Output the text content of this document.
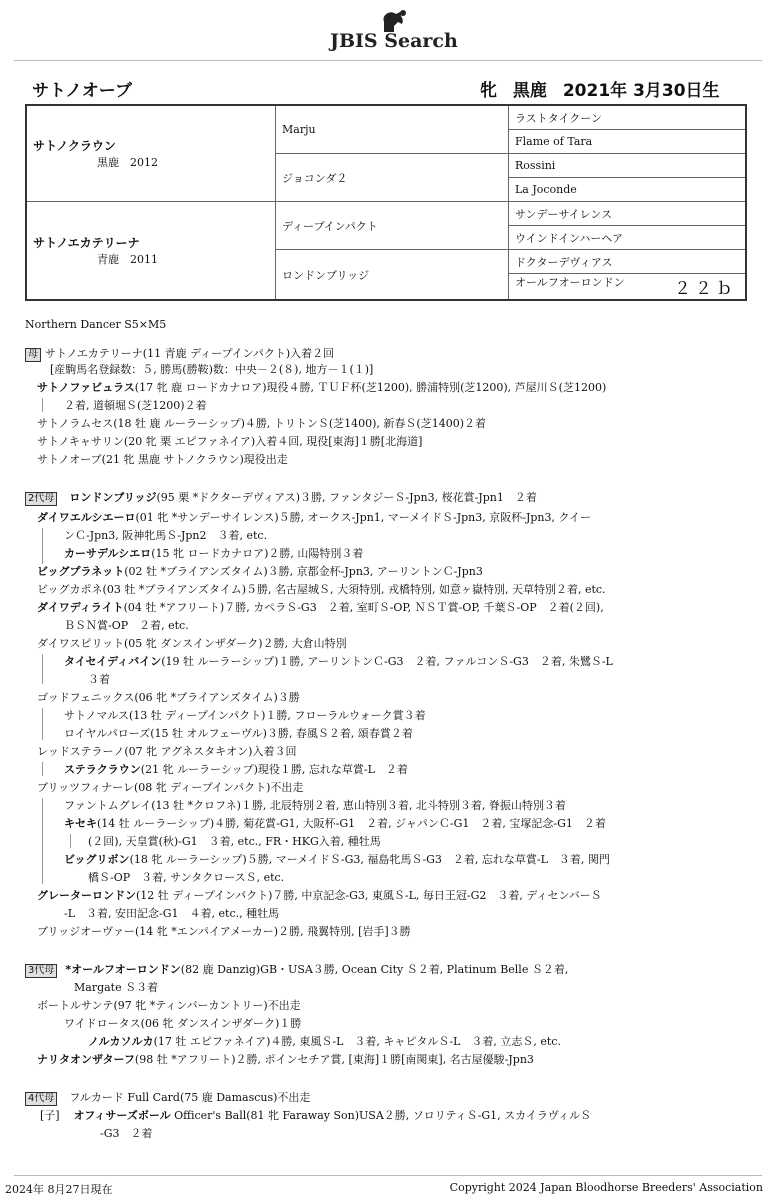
JBIS Search
サトノオーブ	牝 黒鹿 2021年 3月30日生
サトノクラウン
黒鹿　2012	Marju	ラストタイクーン
		Flame of Tara
	ジョコンダ２	Rossini
		La Joconde
サトノエカテリーナ
青鹿　2011	ディープインパクト	サンデーサイレンス
		ウインドインハーヘア
	ロンドンブリッジ	ドクターデヴィアス
		オールフオーロンドン ２２ｂ
Northern Dancer S5×M5
母 サトノエカテリーナ(11 青鹿 ディープインパクト)入着２回
[産駒馬名登録数：５, 勝馬(勝鞍)数：中央－２(８), 地方－１(１)]
サトノファビュラス(17 牝 鹿 ロードカナロア)現役４勝, ＴＵＦ杯(芝1200), 勝浦特別(芝1200), 芦屋川Ｓ(芝1200)
２着, 道頓堀Ｓ(芝1200)２着
サトノラムセス(18 牡 鹿 ルーラーシップ)４勝, トリトンＳ(芝1400), 新春Ｓ(芝1400)２着
サトノキャサリン(20 牝 栗 エピファネイア)入着４回, 現役[東海]１勝[北海道]
サトノオーブ(21 牝 黒鹿 サトノクラウン)現役出走
2代母 ロンドンブリッジ(95 栗 *ドクターデヴィアス)３勝, ファンタジーＳ-Jpn3, 桜花賞-Jpn1　２着
ダイワエルシエーロ(01 牝 *サンデーサイレンス)５勝, オークス-Jpn1, マーメイドＳ-Jpn3, 京阪杯-Jpn3, クイー
ンＣ-Jpn3, 阪神牝馬Ｓ-Jpn2　３着, etc.
カーサデルシエロ(15 牝 ロードカナロア)２勝, 山陽特別３着
ビッグプラネット(02 牡 *ブライアンズタイム)３勝, 京都金杯-Jpn3, アーリントンＣ-Jpn3
ビッグカポネ(03 牡 *ブライアンズタイム)５勝, 名古屋城Ｓ, 大須特別, 戎橋特別, 如意ヶ嶽特別, 天草特別２着, etc.
ダイワディライト(04 牡 *アフリート)７勝, カペラＳ-G3　２着, 室町Ｓ-OP, ＮＳＴ賞-OP, 千葉Ｓ-OP　２着(２回),
ＢＳＮ賞-OP　２着, etc.
ダイワスピリット(05 牝 ダンスインザダーク)２勝, 大倉山特別
タイセイディバイン(19 牡 ルーラーシップ)１勝, アーリントンＣ-G3　２着, ファルコンＳ-G3　２着, 朱鷺Ｓ-L
３着
ゴッドフェニックス(06 牝 *ブライアンズタイム)３勝
サトノマルス(13 牡 ディープインパクト)１勝, フローラルウォーク賞３着
ロイヤルパローズ(15 牡 オルフェーヴル)３勝, 春風Ｓ２着, 頌春賞２着
レッドステラーノ(07 牝 アグネスタキオン)入着３回
ステラクラウン(21 牝 ルーラーシップ)現役１勝, 忘れな草賞-L　２着
ブリッツフィナーレ(08 牝 ディープインパクト)不出走
ファントムグレイ(13 牡 *クロフネ)１勝, 北辰特別２着, 恵山特別３着, 北斗特別３着, 脊振山特別３着
キセキ(14 牡 ルーラーシップ)４勝, 菊花賞-G1, 大阪杯-G1　２着, ジャパンＣ-G1　２着, 宝塚記念-G1　２着
(２回), 天皇賞(秋)-G1　３着, etc., FR・HKG入着, 種牡馬
ビッグリボン(18 牝 ルーラーシップ)５勝, マーメイドＳ-G3, 福島牝馬Ｓ-G3　２着, 忘れな草賞-L　３着, 関門
橋Ｓ-OP　３着, サンタクロースＳ, etc.
グレーターロンドン(12 牡 ディープインパクト)７勝, 中京記念-G3, 東風Ｓ-L, 毎日王冠-G2　３着, ディセンバーＳ
-L　３着, 安田記念-G1　４着, etc., 種牡馬
ブリッジオーヴァー(14 牝 *エンパイアメーカー)２勝, 飛翼特別, [岩手]３勝
3代母 *オールフオーロンドン(82 鹿 Danzig)GB・USA３勝, Ocean City Ｓ２着, Platinum Belle Ｓ２着,
Margate Ｓ３着
ボートルサンテ(97 牝 *ティンバーカントリー)不出走
ワイドロータス(06 牝 ダンスインザダーク)１勝
ノルカソルカ(17 牡 エピファネイア)４勝, 東風Ｓ-L　３着, キャピタルＳ-L　３着, 立志Ｓ, etc.
ナリタオンザターフ(98 牡 *アフリート)２勝, ポインセチア賞, [東海]１勝[南関東], 名古屋優駿-Jpn3
4代母 フルカード Full Card(75 鹿 Damascus)不出走
[子] オフィサーズボール Officer's Ball(81 牝 Faraway Son)USA２勝, ソロリティＳ-G1, スカイラヴィルＳ
-G3　２着
2024年 8月27日現在	Copyright 2024 Japan Bloodhorse Breeders' Association
